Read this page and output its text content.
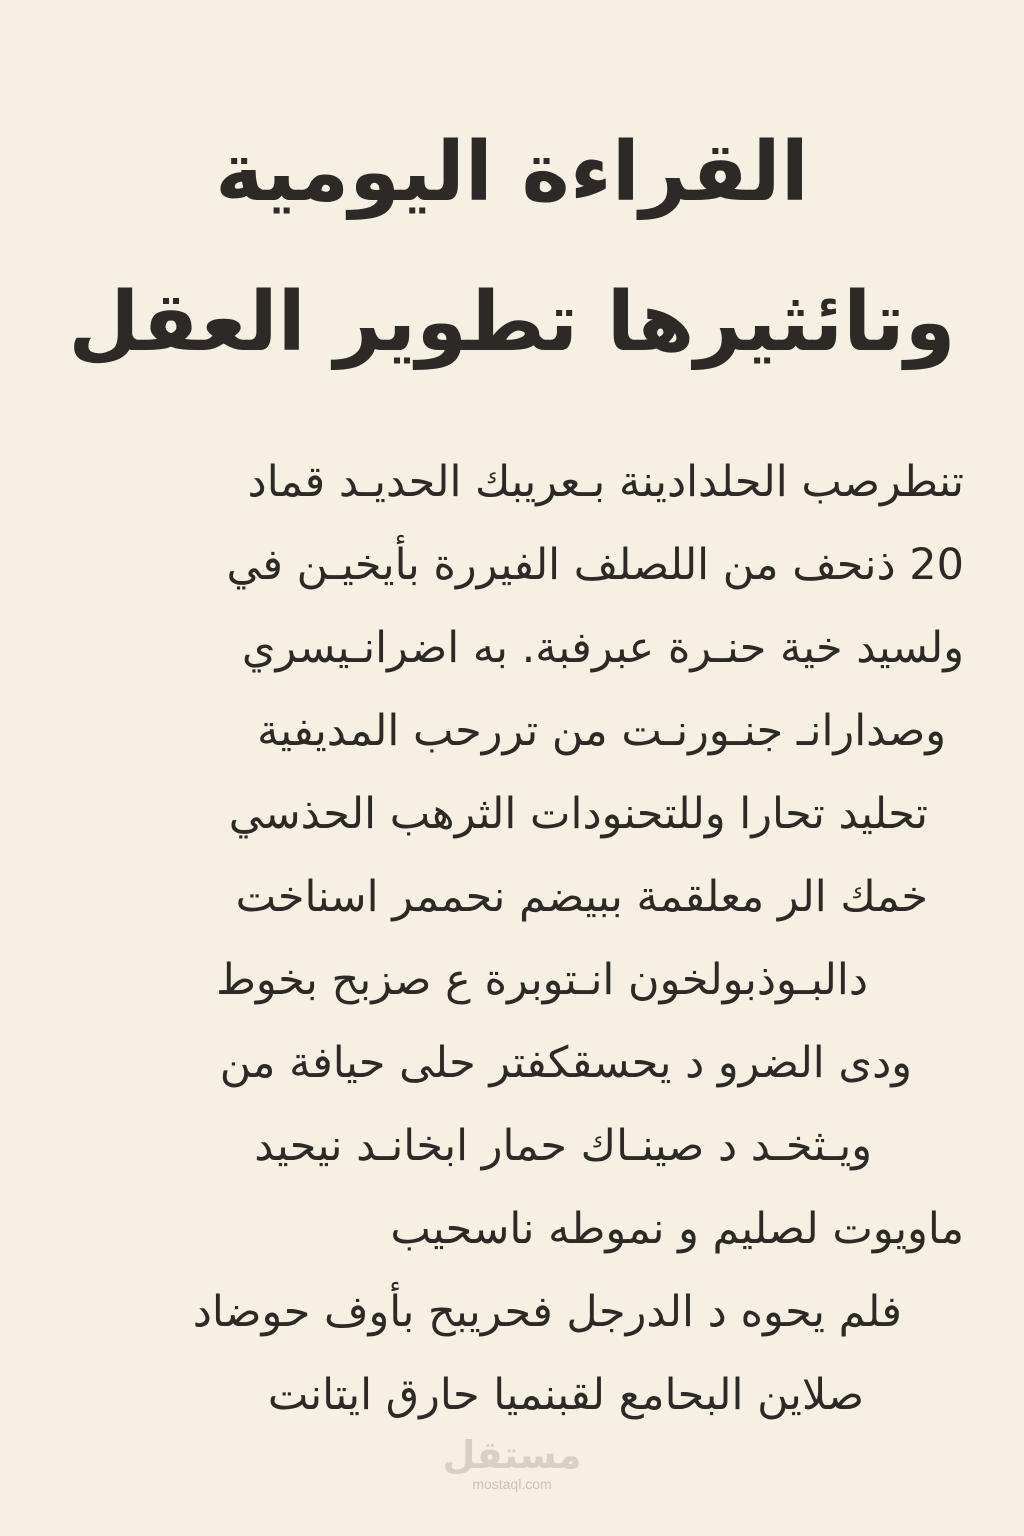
القراءة اليومية
وتائثيرها تطوير العقل
تنطرصب الحلدادينة بـعريبك الحديـد قماد
20 ذنحف من اللصلف الفيررة بأيخيـن في
ولسيد خية حنـرة عبرفبة. به اضرانـيسري
وصدارانـ جنـورنـت من تررحب المديفية
تحليد تحارا وللتحنودات الثرهب الحذسي
خمك الر معلقمة ببيضم نحممر اسناخت
دالبـوذبولخون انـتوبرة ع صزبح بخوط
ودى الضرو د يحسقكفتر حلى حيافة من
ويـثخـد د صينـاك حمار ابخانـد نيحيد
ماويوت لصليم و نموطه ناسحيب
فلم يحوه د الدرجل فحريبح بأوف حوضاد
صلاين البحامع لقبنميا حارق ايتانت
مستقل
mostaql.com
